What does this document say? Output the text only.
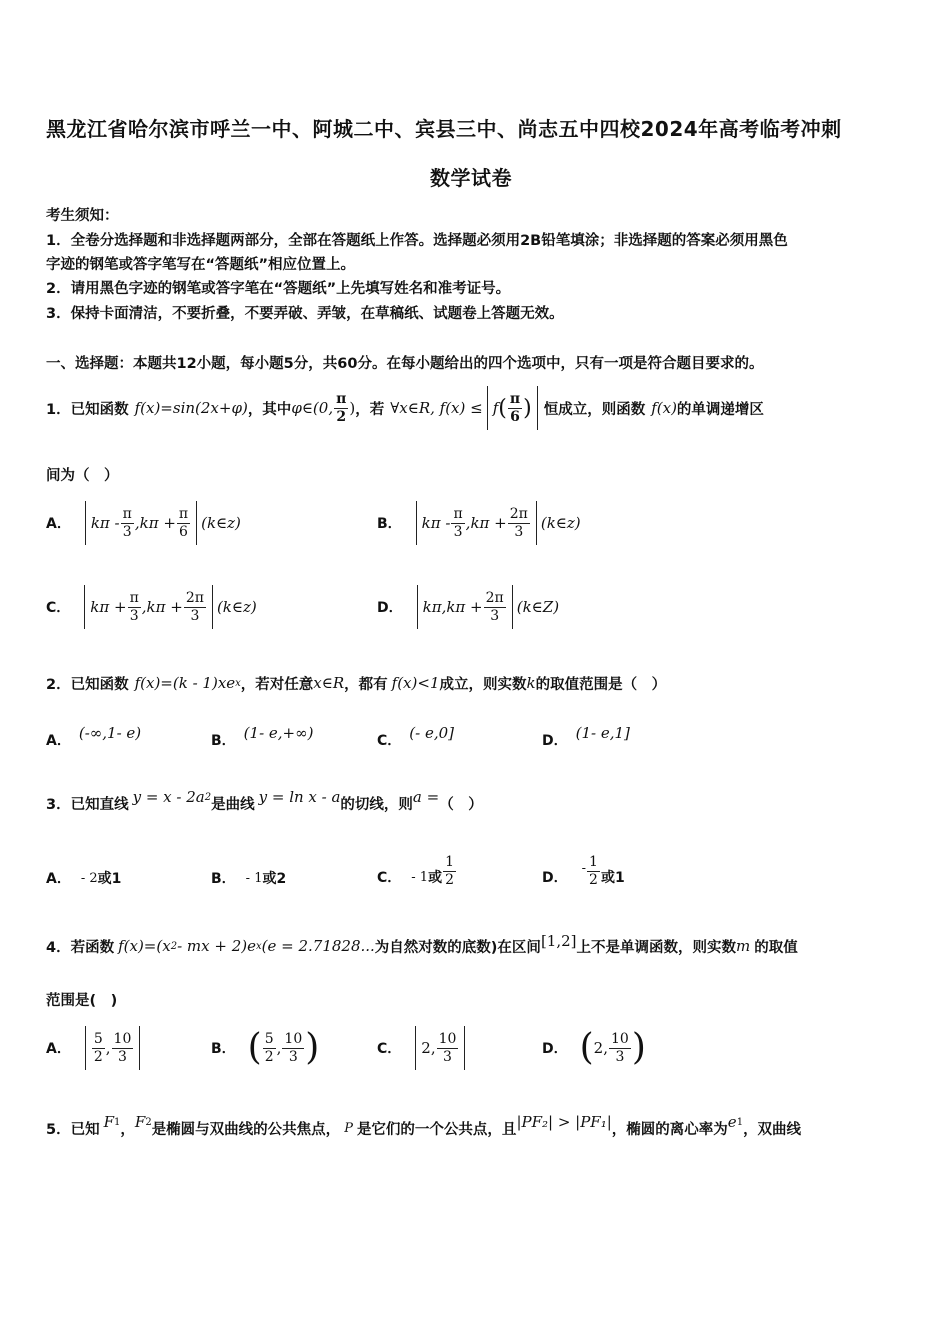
黑龙江省哈尔滨市呼兰一中、阿城二中、宾县三中、尚志五中四校2024年高考临考冲刺
数学试卷
考生须知：
1．全卷分选择题和非选择题两部分，全部在答题纸上作答。选择题必须用2B铅笔填涂；非选择题的答案必须用黑色
字迹的钢笔或答字笔写在“答题纸”相应位置上。
2．请用黑色字迹的钢笔或答字笔在“答题纸”上先填写姓名和准考证号。
3．保持卡面清洁，不要折叠，不要弄破、弄皱，在草稿纸、试题卷上答题无效。
一、选择题：本题共12小题，每小题5分，共60分。在每小题给出的四个选项中，只有一项是符合题目要求的。
1．已知函数 f(x)=sin(2x+φ) ，其中 φ∈(0, $\frac{\pi}{2}$ ) ，若 ∀x∈R, f(x) ≤ f ( $\frac{\pi}{6}$ ) 恒成立，则函数 f(x) 的单调递增区
间为（　）
A． $k\pi - \frac{\pi}{3} ,k\pi + \frac{\pi}{6}$ (k∈z)	B． $k\pi - \frac{\pi}{3} ,k\pi + \frac{2\pi}{3}$ (k∈z)
C． $k\pi + \frac{\pi}{3} ,k\pi + \frac{2\pi}{3}$ (k∈z)	D． $k\pi,k\pi + \frac{2\pi}{3}$ (k∈Z)
2．已知函数 f(x)=(k - 1)xe x ，若对任意 x∈R ，都有 f(x)<1 成立，则实数 k 的取值范围是（　）
A． (-∞,1- e)	B． (1- e,+∞)	C． (- e,0]	D． (1- e,1]
3．已知直线 y = x - 2a 2 是曲线 y = ln x - a 的切线，则 a = （　）
A． - 2 或1	B． - 1 或2	C． - 1 或 $\frac{1}{2}$	D．
- $\frac{1}{2}$ 或1
4．若函数 f(x)=(x 2 - mx + 2)e x (e = 2.71828... 为自然对数的底数)在区间 [1,2] 上不是单调函数，则实数 m 的取值
范围是(　)
A． $\frac{5}{2}$ , $\frac{10}{3}$	B． ( $\frac{5}{2}$ , $\frac{10}{3}$ )	C． 2, $\frac{10}{3}$	D． ( 2, $\frac{10}{3}$ )
5．已知 F 1 ， F 2 是椭圆与双曲线的公共焦点， P 是它们的一个公共点，且 |PF₂| > |PF₁| ，椭圆的离心率为 e 1 ，双曲线
